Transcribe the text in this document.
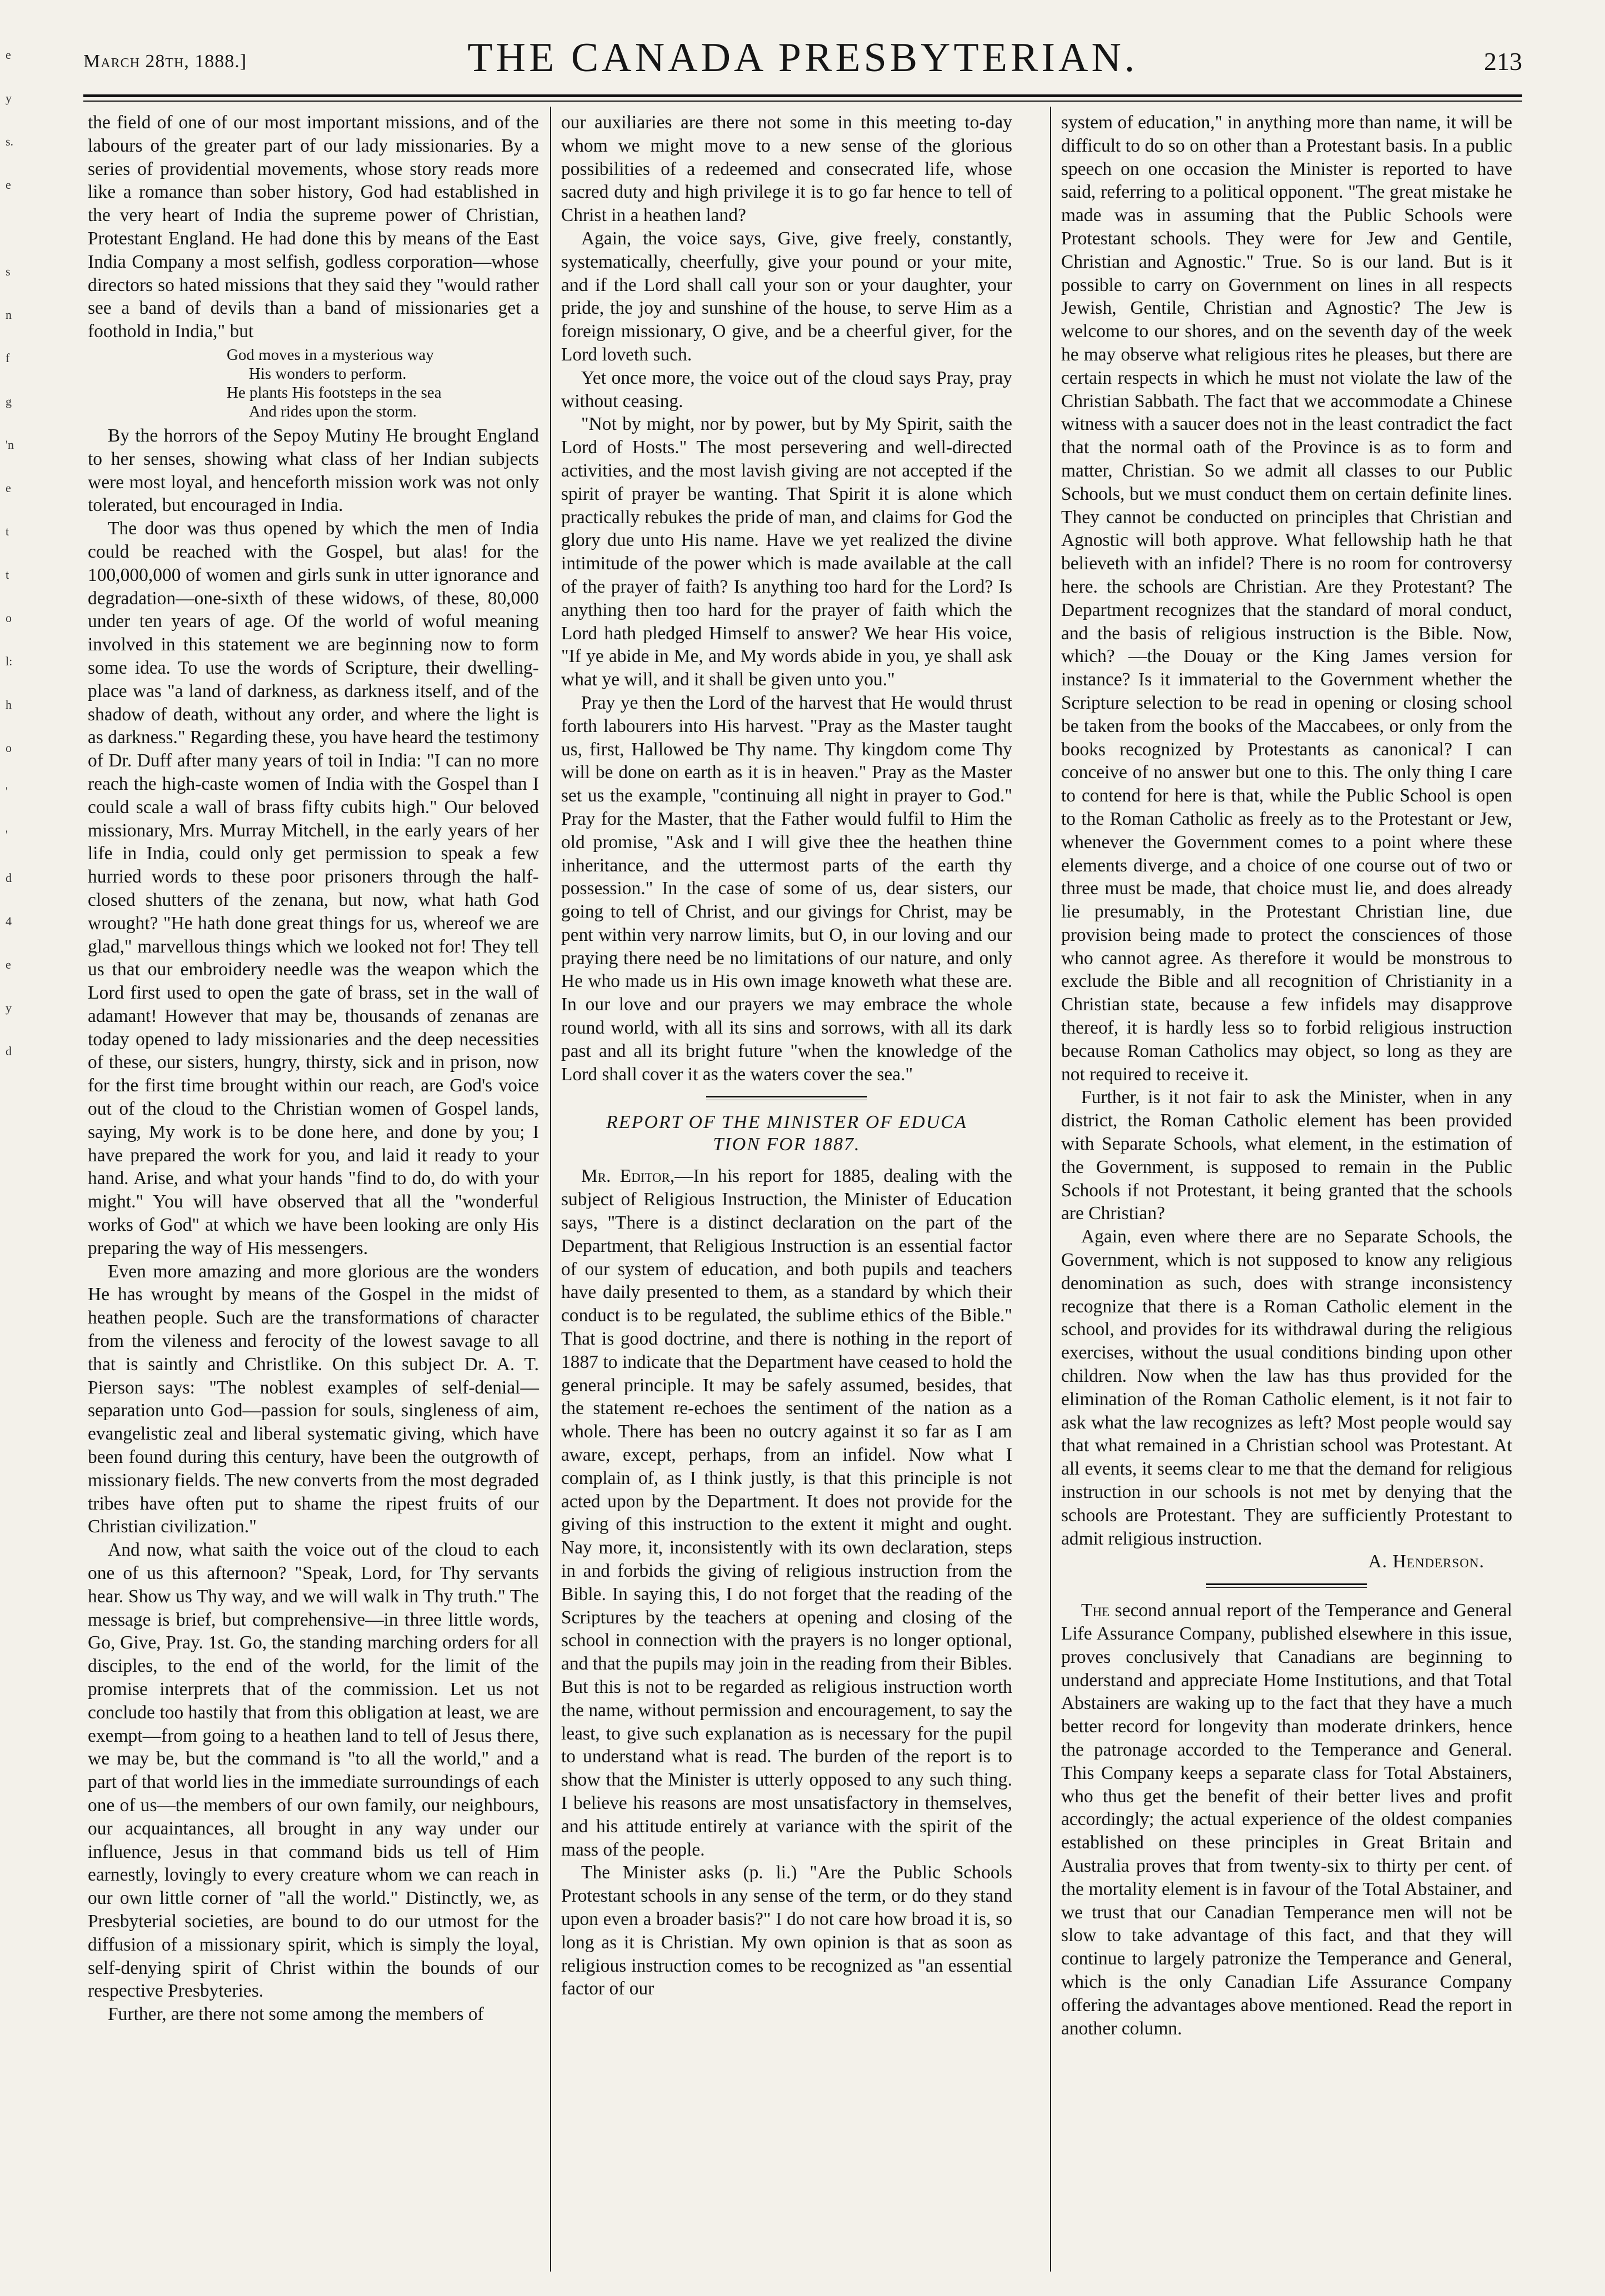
e
y
s.
e

s
n
f
g
'n
e
t
t
o
l:
h
o
'
'
d
4
e
y
d
March 28th, 1888.]	THE CANADA PRESBYTERIAN.	213

the field of one of our most important missions, and of the labours of the greater part of our lady missionaries. By a series of providential movements, whose story reads more like a romance than sober history, God had established in the very heart of India the supreme power of Christian, Protestant England. He had done this by means of the East India Company a most selfish, godless corporation—whose directors so hated missions that they said they "would rather see a band of devils than a band of missionaries get a foothold in India," but

God moves in a mysterious way
His wonders to perform.
He plants His footsteps in the sea
And rides upon the storm.

By the horrors of the Sepoy Mutiny He brought England to her senses, showing what class of her Indian subjects were most loyal, and henceforth mission work was not only tolerated, but encouraged in India.

The door was thus opened by which the men of India could be reached with the Gospel, but alas! for the 100,000,000 of women and girls sunk in utter ignorance and degradation—one-sixth of these widows, of these, 80,000 under ten years of age. Of the world of woful meaning involved in this statement we are beginning now to form some idea. To use the words of Scripture, their dwelling-place was "a land of darkness, as darkness itself, and of the shadow of death, without any order, and where the light is as darkness." Regarding these, you have heard the testimony of Dr. Duff after many years of toil in India: "I can no more reach the high-caste women of India with the Gospel than I could scale a wall of brass fifty cubits high." Our beloved missionary, Mrs. Murray Mitchell, in the early years of her life in India, could only get permission to speak a few hurried words to these poor prisoners through the half-closed shutters of the zenana, but now, what hath God wrought? "He hath done great things for us, whereof we are glad," marvellous things which we looked not for! They tell us that our embroidery needle was the weapon which the Lord first used to open the gate of brass, set in the wall of adamant! However that may be, thousands of zenanas are today opened to lady missionaries and the deep necessities of these, our sisters, hungry, thirsty, sick and in prison, now for the first time brought within our reach, are God's voice out of the cloud to the Christian women of Gospel lands, saying, My work is to be done here, and done by you; I have prepared the work for you, and laid it ready to your hand. Arise, and what your hands "find to do, do with your might." You will have observed that all the "wonderful works of God" at which we have been looking are only His preparing the way of His messengers.

Even more amazing and more glorious are the wonders He has wrought by means of the Gospel in the midst of heathen people. Such are the transformations of character from the vileness and ferocity of the lowest savage to all that is saintly and Christlike. On this subject Dr. A. T. Pierson says: "The noblest examples of self-denial—separation unto God—passion for souls, singleness of aim, evangelistic zeal and liberal systematic giving, which have been found during this century, have been the outgrowth of missionary fields. The new converts from the most degraded tribes have often put to shame the ripest fruits of our Christian civilization."

And now, what saith the voice out of the cloud to each one of us this afternoon? "Speak, Lord, for Thy servants hear. Show us Thy way, and we will walk in Thy truth." The message is brief, but comprehensive—in three little words, Go, Give, Pray. 1st. Go, the standing marching orders for all disciples, to the end of the world, for the limit of the promise interprets that of the commission. Let us not conclude too hastily that from this obligation at least, we are exempt—from going to a heathen land to tell of Jesus there, we may be, but the command is "to all the world," and a part of that world lies in the immediate surroundings of each one of us—the members of our own family, our neighbours, our acquaintances, all brought in any way under our influence, Jesus in that command bids us tell of Him earnestly, lovingly to every creature whom we can reach in our own little corner of "all the world." Distinctly, we, as Presbyterial societies, are bound to do our utmost for the diffusion of a missionary spirit, which is simply the loyal, self-denying spirit of Christ within the bounds of our respective Presbyteries.

Further, are there not some among the members of

our auxiliaries are there not some in this meeting to-day whom we might move to a new sense of the glorious possibilities of a redeemed and consecrated life, whose sacred duty and high privilege it is to go far hence to tell of Christ in a heathen land?

Again, the voice says, Give, give freely, constantly, systematically, cheerfully, give your pound or your mite, and if the Lord shall call your son or your daughter, your pride, the joy and sunshine of the house, to serve Him as a foreign missionary, O give, and be a cheerful giver, for the Lord loveth such.

Yet once more, the voice out of the cloud says Pray, pray without ceasing.

"Not by might, nor by power, but by My Spirit, saith the Lord of Hosts." The most persevering and well-directed activities, and the most lavish giving are not accepted if the spirit of prayer be wanting. That Spirit it is alone which practically rebukes the pride of man, and claims for God the glory due unto His name. Have we yet realized the divine intimitude of the power which is made available at the call of the prayer of faith? Is anything too hard for the Lord? Is anything then too hard for the prayer of faith which the Lord hath pledged Himself to answer? We hear His voice, "If ye abide in Me, and My words abide in you, ye shall ask what ye will, and it shall be given unto you."

Pray ye then the Lord of the harvest that He would thrust forth labourers into His harvest. "Pray as the Master taught us, first, Hallowed be Thy name. Thy kingdom come Thy will be done on earth as it is in heaven." Pray as the Master set us the example, "continuing all night in prayer to God." Pray for the Master, that the Father would fulfil to Him the old promise, "Ask and I will give thee the heathen thine inheritance, and the uttermost parts of the earth thy possession." In the case of some of us, dear sisters, our going to tell of Christ, and our givings for Christ, may be pent within very narrow limits, but O, in our loving and our praying there need be no limitations of our nature, and only He who made us in His own image knoweth what these are. In our love and our prayers we may embrace the whole round world, with all its sins and sorrows, with all its dark past and all its bright future "when the knowledge of the Lord shall cover it as the waters cover the sea."

REPORT OF THE MINISTER OF EDUCA
TION FOR 1887.

Mr. Editor,—In his report for 1885, dealing with the subject of Religious Instruction, the Minister of Education says, "There is a distinct declaration on the part of the Department, that Religious Instruction is an essential factor of our system of education, and both pupils and teachers have daily presented to them, as a standard by which their conduct is to be regulated, the sublime ethics of the Bible." That is good doctrine, and there is nothing in the report of 1887 to indicate that the Department have ceased to hold the general principle. It may be safely assumed, besides, that the statement re-echoes the sentiment of the nation as a whole. There has been no outcry against it so far as I am aware, except, perhaps, from an infidel. Now what I complain of, as I think justly, is that this principle is not acted upon by the Department. It does not provide for the giving of this instruction to the extent it might and ought. Nay more, it, inconsistently with its own declaration, steps in and forbids the giving of religious instruction from the Bible. In saying this, I do not forget that the reading of the Scriptures by the teachers at opening and closing of the school in connection with the prayers is no longer optional, and that the pupils may join in the reading from their Bibles. But this is not to be regarded as religious instruction worth the name, without permission and encouragement, to say the least, to give such explanation as is necessary for the pupil to understand what is read. The burden of the report is to show that the Minister is utterly opposed to any such thing. I believe his reasons are most unsatisfactory in themselves, and his attitude entirely at variance with the spirit of the mass of the people.

The Minister asks (p. li.) "Are the Public Schools Protestant schools in any sense of the term, or do they stand upon even a broader basis?" I do not care how broad it is, so long as it is Christian. My own opinion is that as soon as religious instruction comes to be recognized as "an essential factor of our

system of education," in anything more than name, it will be difficult to do so on other than a Protestant basis. In a public speech on one occasion the Minister is reported to have said, referring to a political opponent. "The great mistake he made was in assuming that the Public Schools were Protestant schools. They were for Jew and Gentile, Christian and Agnostic." True. So is our land. But is it possible to carry on Government on lines in all respects Jewish, Gentile, Christian and Agnostic? The Jew is welcome to our shores, and on the seventh day of the week he may observe what religious rites he pleases, but there are certain respects in which he must not violate the law of the Christian Sabbath. The fact that we accommodate a Chinese witness with a saucer does not in the least contradict the fact that the normal oath of the Province is as to form and matter, Christian. So we admit all classes to our Public Schools, but we must conduct them on certain definite lines. They cannot be conducted on principles that Christian and Agnostic will both approve. What fellowship hath he that believeth with an infidel? There is no room for controversy here. the schools are Christian. Are they Protestant? The Department recognizes that the standard of moral conduct, and the basis of religious instruction is the Bible. Now, which? —the Douay or the King James version for instance? Is it immaterial to the Government whether the Scripture selection to be read in opening or closing school be taken from the books of the Maccabees, or only from the books recognized by Protestants as canonical? I can conceive of no answer but one to this. The only thing I care to contend for here is that, while the Public School is open to the Roman Catholic as freely as to the Protestant or Jew, whenever the Government comes to a point where these elements diverge, and a choice of one course out of two or three must be made, that choice must lie, and does already lie presumably, in the Protestant Christian line, due provision being made to protect the consciences of those who cannot agree. As therefore it would be monstrous to exclude the Bible and all recognition of Christianity in a Christian state, because a few infidels may disapprove thereof, it is hardly less so to forbid religious instruction because Roman Catholics may object, so long as they are not required to receive it.

Further, is it not fair to ask the Minister, when in any district, the Roman Catholic element has been provided with Separate Schools, what element, in the estimation of the Government, is supposed to remain in the Public Schools if not Protestant, it being granted that the schools are Christian?

Again, even where there are no Separate Schools, the Government, which is not supposed to know any religious denomination as such, does with strange inconsistency recognize that there is a Roman Catholic element in the school, and provides for its withdrawal during the religious exercises, without the usual conditions binding upon other children. Now when the law has thus provided for the elimination of the Roman Catholic element, is it not fair to ask what the law recognizes as left? Most people would say that what remained in a Christian school was Protestant. At all events, it seems clear to me that the demand for religious instruction in our schools is not met by denying that the schools are Protestant. They are sufficiently Protestant to admit religious instruction.

A. Henderson.

The second annual report of the Temperance and General Life Assurance Company, published elsewhere in this issue, proves conclusively that Canadians are beginning to understand and appreciate Home Institutions, and that Total Abstainers are waking up to the fact that they have a much better record for longevity than moderate drinkers, hence the patronage accorded to the Temperance and General. This Company keeps a separate class for Total Abstainers, who thus get the benefit of their better lives and profit accordingly; the actual experience of the oldest companies established on these principles in Great Britain and Australia proves that from twenty-six to thirty per cent. of the mortality element is in favour of the Total Abstainer, and we trust that our Canadian Temperance men will not be slow to take advantage of this fact, and that they will continue to largely patronize the Temperance and General, which is the only Canadian Life Assurance Company offering the advantages above mentioned. Read the report in another column.
